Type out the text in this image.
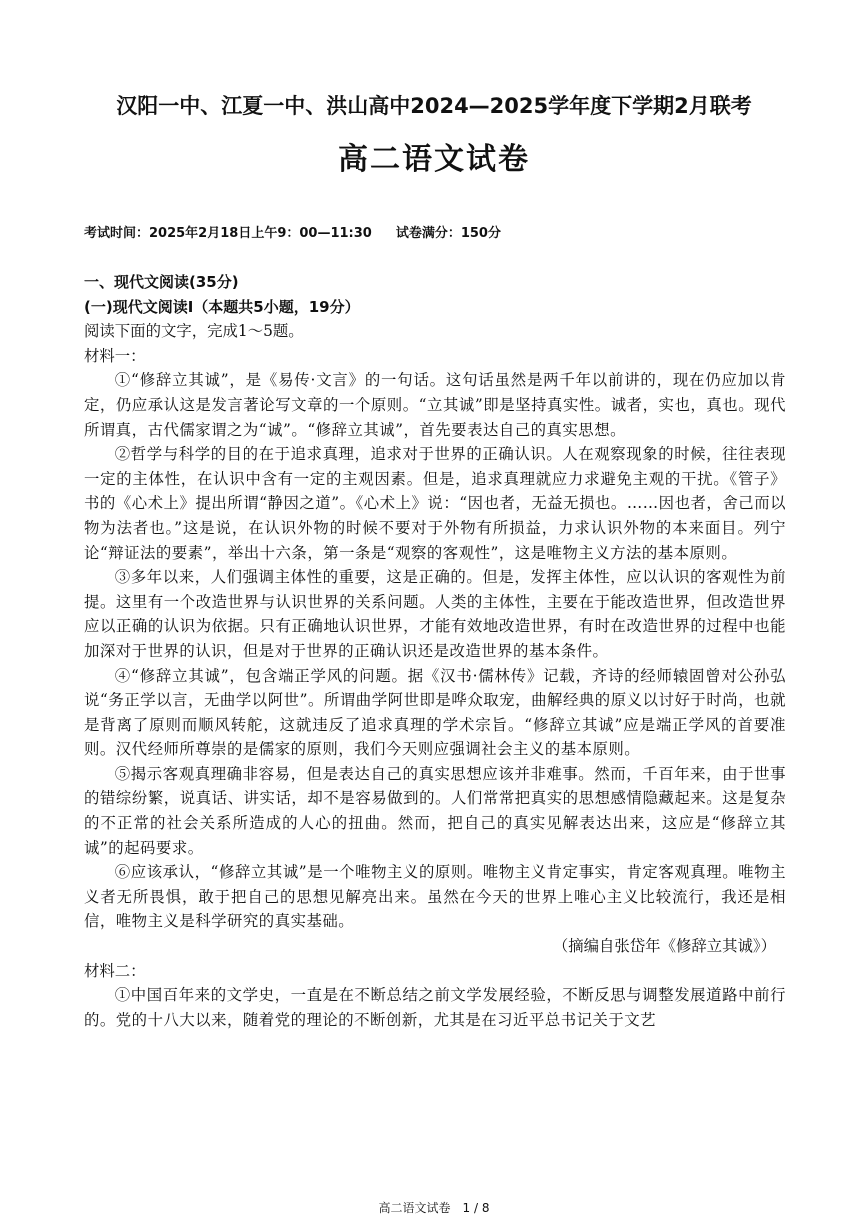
汉阳一中、江夏一中、洪山高中2024—2025学年度下学期2月联考
高二语文试卷
考试时间：2025年2月18日上午9：00—11:30 试卷满分：150分

一、现代文阅读(35分)

(一)现代文阅读Ⅰ（本题共5小题，19分）

阅读下面的文字，完成1～5题。

材料一：

①“修辞立其诚”，是《易传·文言》的一句话。这句话虽然是两千年以前讲的，现在仍应加以肯定，仍应承认这是发言著论写文章的一个原则。“立其诚”即是坚持真实性。诚者，实也，真也。现代所谓真，古代儒家谓之为“诚”。“修辞立其诚”，首先要表达自己的真实思想。

②哲学与科学的目的在于追求真理，追求对于世界的正确认识。人在观察现象的时候，往往表现一定的主体性，在认识中含有一定的主观因素。但是，追求真理就应力求避免主观的干扰。《管子》书的《心术上》提出所谓“静因之道”。《心术上》说：“因也者，无益无损也。……因也者，舍己而以物为法者也。”这是说，在认识外物的时候不要对于外物有所损益，力求认识外物的本来面目。列宁论“辩证法的要素”，举出十六条，第一条是“观察的客观性”，这是唯物主义方法的基本原则。

③多年以来，人们强调主体性的重要，这是正确的。但是，发挥主体性，应以认识的客观性为前提。这里有一个改造世界与认识世界的关系问题。人类的主体性，主要在于能改造世界，但改造世界应以正确的认识为依据。只有正确地认识世界，才能有效地改造世界，有时在改造世界的过程中也能加深对于世界的认识，但是对于世界的正确认识还是改造世界的基本条件。

④“修辞立其诚”，包含端正学风的问题。据《汉书·儒林传》记载，齐诗的经师辕固曾对公孙弘说“务正学以言，无曲学以阿世”。所谓曲学阿世即是哗众取宠，曲解经典的原义以讨好于时尚，也就是背离了原则而顺风转舵，这就违反了追求真理的学术宗旨。“修辞立其诚”应是端正学风的首要准则。汉代经师所尊崇的是儒家的原则，我们今天则应强调社会主义的基本原则。

⑤揭示客观真理确非容易，但是表达自己的真实思想应该并非难事。然而，千百年来，由于世事的错综纷繁，说真话、讲实话，却不是容易做到的。人们常常把真实的思想感情隐藏起来。这是复杂的不正常的社会关系所造成的人心的扭曲。然而，把自己的真实见解表达出来，这应是“修辞立其诚”的起码要求。

⑥应该承认，“修辞立其诚”是一个唯物主义的原则。唯物主义肯定事实，肯定客观真理。唯物主义者无所畏惧，敢于把自己的思想见解亮出来。虽然在今天的世界上唯心主义比较流行，我还是相信，唯物主义是科学研究的真实基础。

（摘编自张岱年《修辞立其诚》）

材料二：

①中国百年来的文学史，一直是在不断总结之前文学发展经验，不断反思与调整发展道路中前行的。党的十八大以来，随着党的理论的不断创新，尤其是在习近平总书记关于文艺

高二语文试卷　1 / 8
